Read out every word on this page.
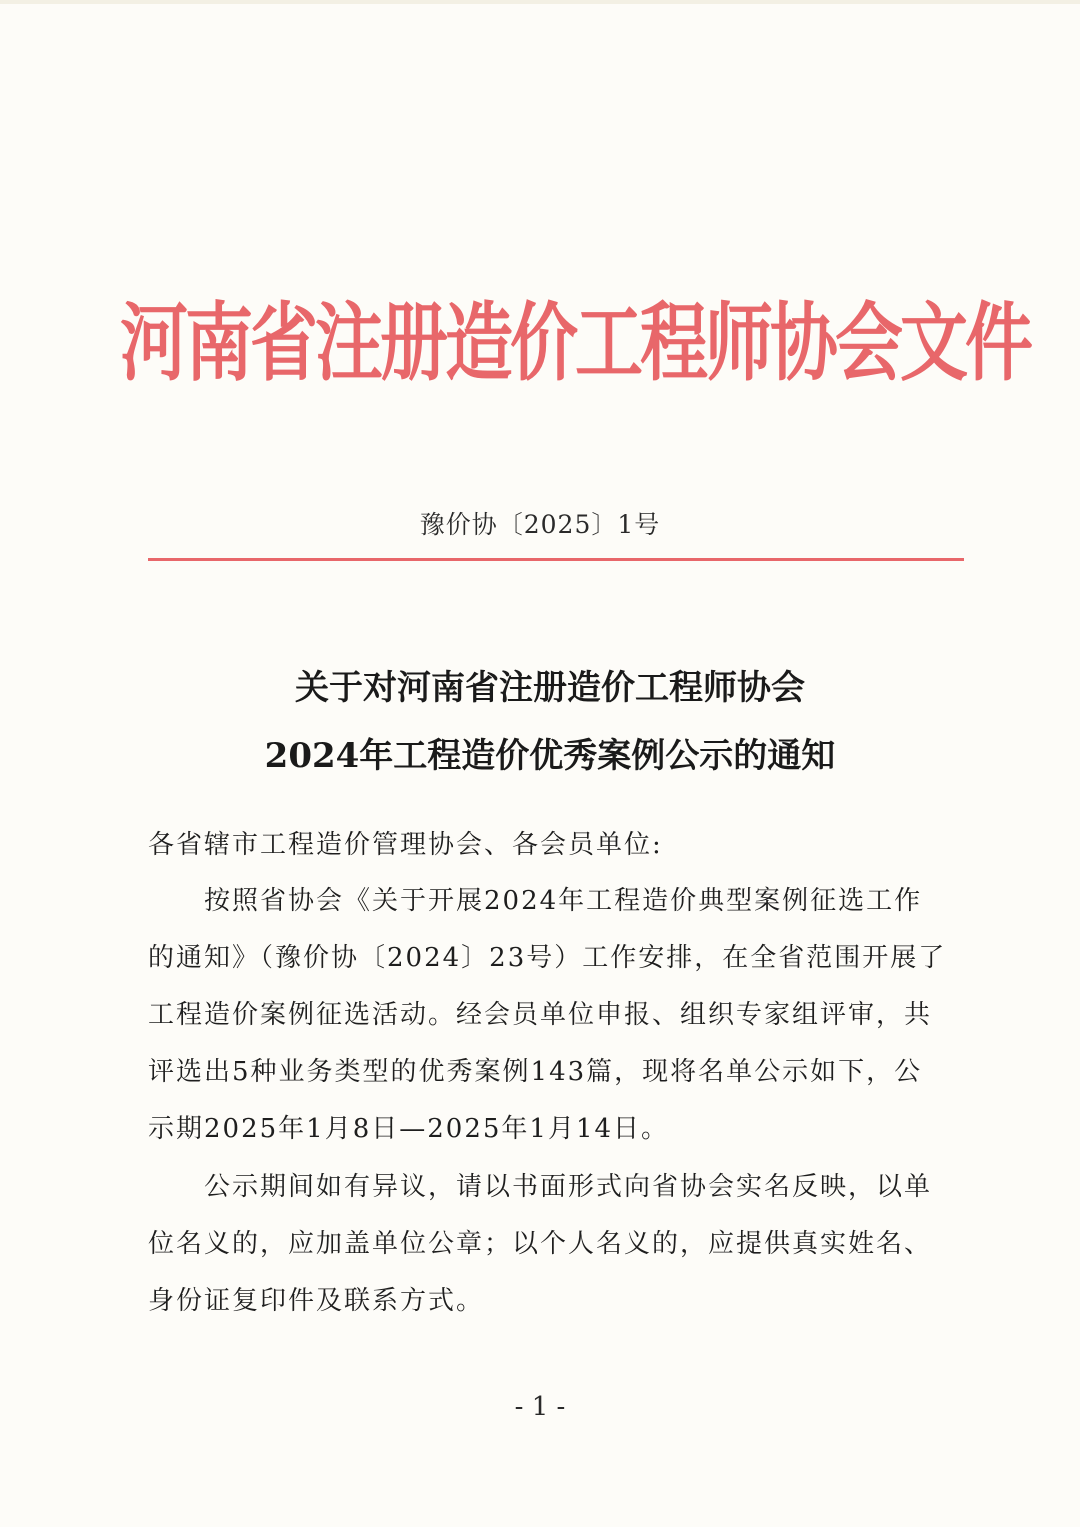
河南省注册造价工程师协会文件
豫价协〔2025〕1号
关于对河南省注册造价工程师协会
2024年工程造价优秀案例公示的通知
各省辖市工程造价管理协会、各会员单位:
按照省协会《关于开展2024年工程造价典型案例征选工作的通知》（豫价协〔2024〕23号）工作安排，在全省范围开展了工程造价案例征选活动。经会员单位申报、组织专家组评审，共评选出5种业务类型的优秀案例143篇，现将名单公示如下，公示期2025年1月8日—2025年1月14日。
公示期间如有异议，请以书面形式向省协会实名反映，以单位名义的，应加盖单位公章；以个人名义的，应提供真实姓名、身份证复印件及联系方式。
- 1 -
